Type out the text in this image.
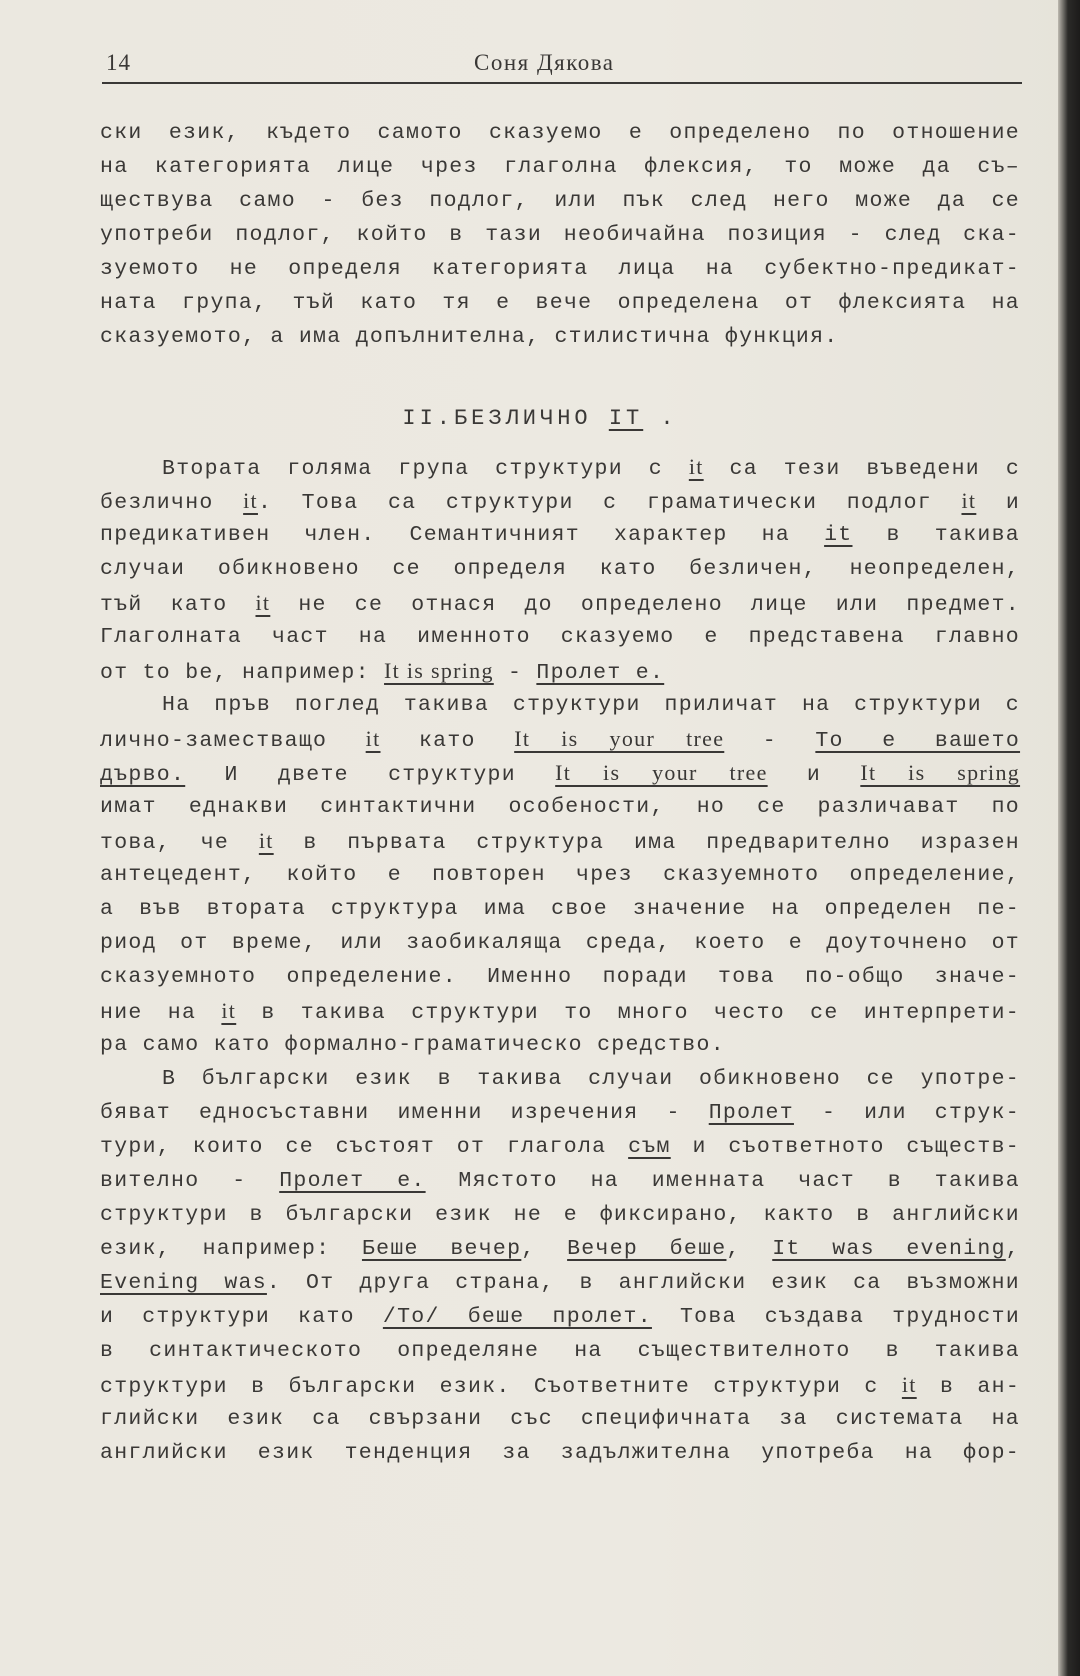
14	Соня Дякова
ски език, където самото сказуемо е определено по отношение
на категорията лице чрез глаголна флексия, то може да съ–
ществува само - без подлог, или пък след него може да се
употреби подлог, който в тази необичайна позиция - след ска-
зуемото не определя категорията лица на субектно-предикат-
ната група, тъй като тя е вече определена от флексията на
сказуемото, а има допълнителна, стилистична функция.
II.БЕЗЛИЧНО IT .
Втората голяма група структури с it са тези въведени с
безлично it. Това са структури с граматически подлог it и
предикативен член. Семантичният характер на it в такива
случаи обикновено се определя като безличен, неопределен,
тъй като it не се отнася до определено лице или предмет.
Глаголната част на именното сказуемо е представена главно
от to be, например: It is spring - Пролет е.
На пръв поглед такива структури приличат на структури с
лично-заместващо it като It is your tree - То е вашето
дърво. И двете структури It is your tree и It is spring
имат еднакви синтактични особености, но се различават по
това, че it в първата структура има предварително изразен
антецедент, който е повторен чрез сказуемното определение,
а във втората структура има свое значение на определен пе-
риод от време, или заобикаляща среда, което е доуточнено от
сказуемното определение. Именно поради това по-общо значе-
ние на it в такива структури то много често се интерпрети-
ра само като формално-граматическо средство.
В български език в такива случаи обикновено се употре-
бяват едносъставни именни изречения - Пролет - или струк-
тури, които се състоят от глагола съм и съответното съществ-
вително - Пролет е. Мястото на именната част в такива
структури в български език не е фиксирано, както в английски
език, например: Беше вечер, Вечер беше, It was evening,
Evening was. От друга страна, в английски език са възможни
и структури като /То/ беше пролет. Това създава трудности
в синтактическото определяне на съществителното в такива
структури в български език. Съответните структури с it в ан-
глийски език са свързани със специфичната за системата на
английски език тенденция за задължителна употреба на фор-
